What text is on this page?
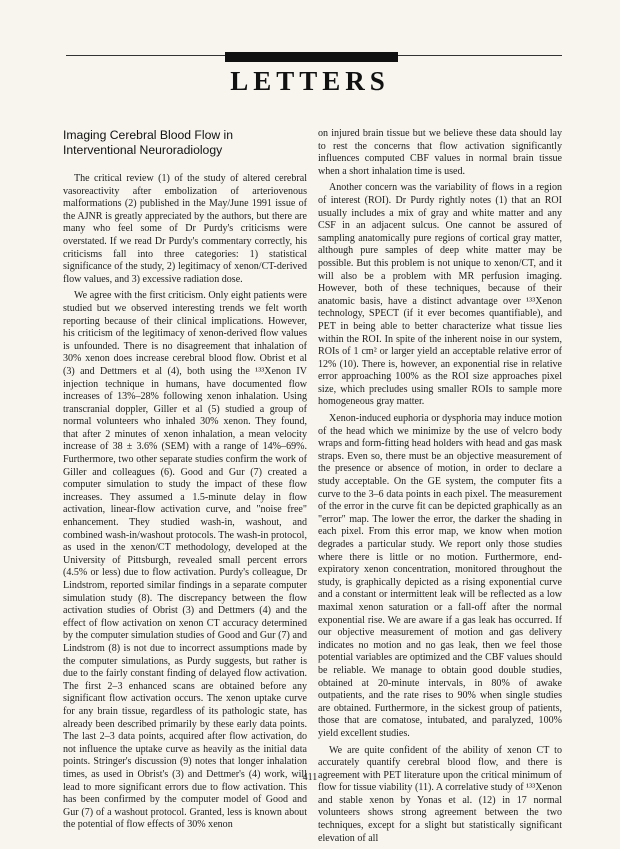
LETTERS
Imaging Cerebral Blood Flow in Interventional Neuroradiology

The critical review (1) of the study of altered cerebral vasoreactivity after embolization of arteriovenous malformations (2) published in the May/June 1991 issue of the AJNR is greatly appreciated by the authors, but there are many who feel some of Dr Purdy's criticisms were overstated. If we read Dr Purdy's commentary correctly, his criticisms fall into three categories: 1) statistical significance of the study, 2) legitimacy of xenon/CT-derived flow values, and 3) excessive radiation dose.

We agree with the first criticism. Only eight patients were studied but we observed interesting trends we felt worth reporting because of their clinical implications. However, his criticism of the legitimacy of xenon-derived flow values is unfounded. There is no disagreement that inhalation of 30% xenon does increase cerebral blood flow. Obrist et al (3) and Dettmers et al (4), both using the ¹³³Xenon IV injection technique in humans, have documented flow increases of 13%–28% following xenon inhalation. Using transcranial doppler, Giller et al (5) studied a group of normal volunteers who inhaled 30% xenon. They found, that after 2 minutes of xenon inhalation, a mean velocity increase of 38 ± 3.6% (SEM) with a range of 14%–69%. Furthermore, two other separate studies confirm the work of Giller and colleagues (6). Good and Gur (7) created a computer simulation to study the impact of these flow increases. They assumed a 1.5-minute delay in flow activation, linear-flow activation curve, and "noise free" enhancement. They studied wash-in, washout, and combined wash-in/washout protocols. The wash-in protocol, as used in the xenon/CT methodology, developed at the University of Pittsburgh, revealed small percent errors (4.5% or less) due to flow activation. Purdy's colleague, Dr Lindstrom, reported similar findings in a separate computer simulation study (8). The discrepancy between the flow activation studies of Obrist (3) and Dettmers (4) and the effect of flow activation on xenon CT accuracy determined by the computer simulation studies of Good and Gur (7) and Lindstrom (8) is not due to incorrect assumptions made by the computer simulations, as Purdy suggests, but rather is due to the fairly constant finding of delayed flow activation. The first 2–3 enhanced scans are obtained before any significant flow activation occurs. The xenon uptake curve for any brain tissue, regardless of its pathologic state, has already been described primarily by these early data points. The last 2–3 data points, acquired after flow activation, do not influence the uptake curve as heavily as the initial data points. Stringer's discussion (9) notes that longer inhalation times, as used in Obrist's (3) and Dettmer's (4) work, will lead to more significant errors due to flow activation. This has been confirmed by the computer model of Good and Gur (7) of a washout protocol. Granted, less is known about the potential of flow effects of 30% xenon

on injured brain tissue but we believe these data should lay to rest the concerns that flow activation significantly influences computed CBF values in normal brain tissue when a short inhalation time is used.

Another concern was the variability of flows in a region of interest (ROI). Dr Purdy rightly notes (1) that an ROI usually includes a mix of gray and white matter and any CSF in an adjacent sulcus. One cannot be assured of sampling anatomically pure regions of cortical gray matter, although pure samples of deep white matter may be possible. But this problem is not unique to xenon/CT, and it will also be a problem with MR perfusion imaging. However, both of these techniques, because of their anatomic basis, have a distinct advantage over ¹³³Xenon technology, SPECT (if it ever becomes quantifiable), and PET in being able to better characterize what tissue lies within the ROI. In spite of the inherent noise in our system, ROIs of 1 cm² or larger yield an acceptable relative error of 12% (10). There is, however, an exponential rise in relative error approaching 100% as the ROI size approaches pixel size, which precludes using smaller ROIs to sample more homogeneous gray matter.

Xenon-induced euphoria or dysphoria may induce motion of the head which we minimize by the use of velcro body wraps and form-fitting head holders with head and gas mask straps. Even so, there must be an objective measurement of the presence or absence of motion, in order to declare a study acceptable. On the GE system, the computer fits a curve to the 3–6 data points in each pixel. The measurement of the error in the curve fit can be depicted graphically as an "error" map. The lower the error, the darker the shading in each pixel. From this error map, we know when motion degrades a particular study. We report only those studies where there is little or no motion. Furthermore, end-expiratory xenon concentration, monitored throughout the study, is graphically depicted as a rising exponential curve and a constant or intermittent leak will be reflected as a low maximal xenon saturation or a fall-off after the normal exponential rise. We are aware if a gas leak has occurred. If our objective measurement of motion and gas delivery indicates no motion and no gas leak, then we feel those potential variables are optimized and the CBF values should be reliable. We manage to obtain good double studies, obtained at 20-minute intervals, in 80% of awake outpatients, and the rate rises to 90% when single studies are obtained. Furthermore, in the sickest group of patients, those that are comatose, intubated, and paralyzed, 100% yield excellent studies.

We are quite confident of the ability of xenon CT to accurately quantify cerebral blood flow, and there is agreement with PET literature upon the critical minimum of flow for tissue viability (11). A correlative study of ¹³³Xenon and stable xenon by Yonas et al. (12) in 17 normal volunteers shows strong agreement between the two techniques, except for a slight but statistically significant elevation of all

411
